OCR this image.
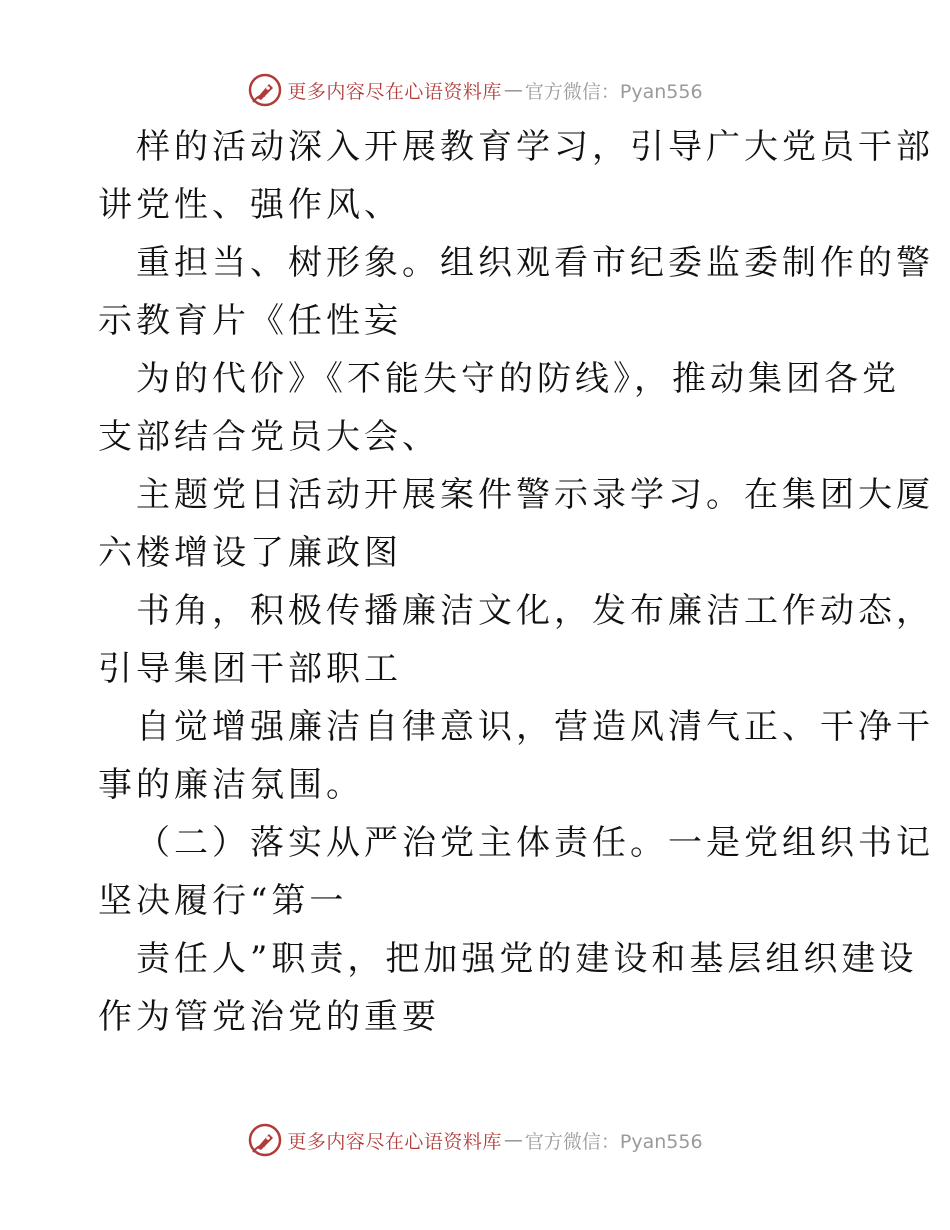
更多内容尽在心语资料库 — 官方微信：Pyan556
样的活动深入开展教育学习，引导广大党员干部
讲党性、强作风、
重担当、树形象。组织观看市纪委监委制作的警
示教育片《任性妄
为的代价》《不能失守的防线》，推动集团各党
支部结合党员大会、
主题党日活动开展案件警示录学习。在集团大厦
六楼增设了廉政图
书角，积极传播廉洁文化，发布廉洁工作动态，
引导集团干部职工
自觉增强廉洁自律意识，营造风清气正、干净干
事的廉洁氛围。
（二）落实从严治党主体责任。一是党组织书记
坚决履行“第一
责任人”职责，把加强党的建设和基层组织建设
作为管党治党的重要
更多内容尽在心语资料库 — 官方微信：Pyan556
